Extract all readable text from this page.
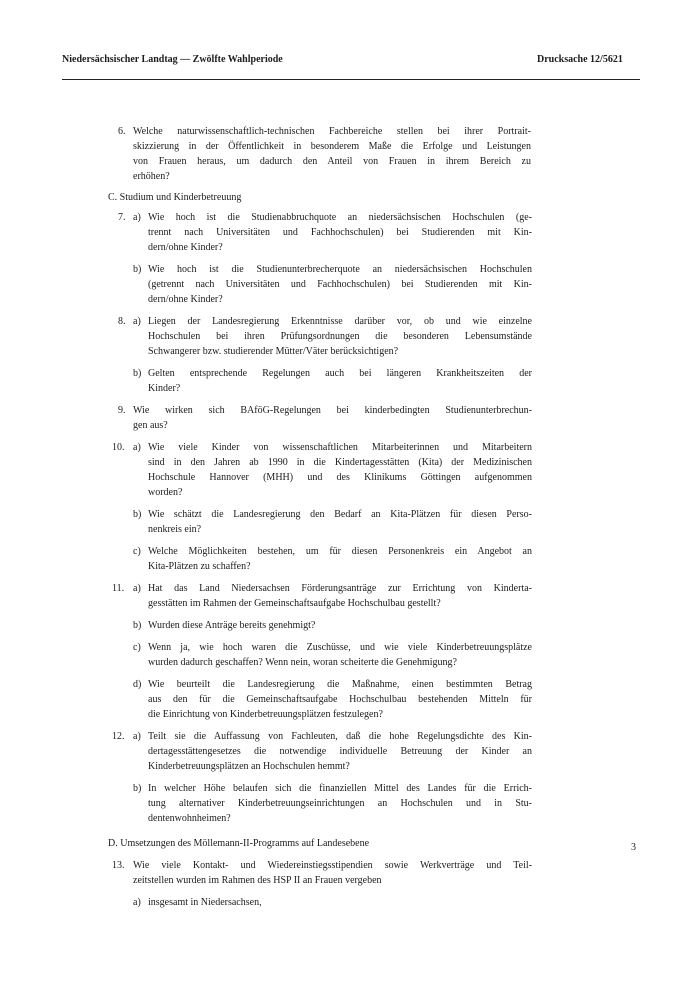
Niedersächsischer Landtag — Zwölfte Wahlperiode	Drucksache 12/5621
6. Welche naturwissenschaftlich-technischen Fachbereiche stellen bei ihrer Portrait-
skizzierung in der Öffentlichkeit in besonderem Maße die Erfolge und Leistungen
von Frauen heraus, um dadurch den Anteil von Frauen in ihrem Bereich zu
erhöhen?
C. Studium und Kinderbetreuung
7. a) Wie hoch ist die Studienabbruchquote an niedersächsischen Hochschulen (ge-
trennt nach Universitäten und Fachhochschulen) bei Studierenden mit Kin-
dern/ohne Kinder?
b) Wie hoch ist die Studienunterbrecherquote an niedersächsischen Hochschulen
(getrennt nach Universitäten und Fachhochschulen) bei Studierenden mit Kin-
dern/ohne Kinder?
8. a) Liegen der Landesregierung Erkenntnisse darüber vor, ob und wie einzelne
Hochschulen bei ihren Prüfungsordnungen die besonderen Lebensumstände
Schwangerer bzw. studierender Mütter/Väter berücksichtigen?
b) Gelten entsprechende Regelungen auch bei längeren Krankheitszeiten der
Kinder?
9. Wie wirken sich BAföG-Regelungen bei kinderbedingten Studienunterbrechun-
gen aus?
10. a) Wie viele Kinder von wissenschaftlichen Mitarbeiterinnen und Mitarbeitern
sind in den Jahren ab 1990 in die Kindertagesstätten (Kita) der Medizinischen
Hochschule Hannover (MHH) und des Klinikums Göttingen aufgenommen
worden?
b) Wie schätzt die Landesregierung den Bedarf an Kita-Plätzen für diesen Perso-
nenkreis ein?
c) Welche Möglichkeiten bestehen, um für diesen Personenkreis ein Angebot an
Kita-Plätzen zu schaffen?
11. a) Hat das Land Niedersachsen Förderungsanträge zur Errichtung von Kinderta-
gesstätten im Rahmen der Gemeinschaftsaufgabe Hochschulbau gestellt?
b) Wurden diese Anträge bereits genehmigt?
c) Wenn ja, wie hoch waren die Zuschüsse, und wie viele Kinderbetreuungsplätze
wurden dadurch geschaffen? Wenn nein, woran scheiterte die Genehmigung?
d) Wie beurteilt die Landesregierung die Maßnahme, einen bestimmten Betrag
aus den für die Gemeinschaftsaufgabe Hochschulbau bestehenden Mitteln für
die Einrichtung von Kinderbetreuungsplätzen festzulegen?
12. a) Teilt sie die Auffassung von Fachleuten, daß die hohe Regelungsdichte des Kin-
dertagesstättengesetzes die notwendige individuelle Betreuung der Kinder an
Kinderbetreuungsplätzen an Hochschulen hemmt?
b) In welcher Höhe belaufen sich die finanziellen Mittel des Landes für die Errich-
tung alternativer Kinderbetreuungseinrichtungen an Hochschulen und in Stu-
dentenwohnheimen?
D. Umsetzungen des Möllemann-II-Programms auf Landesebene
13. Wie viele Kontakt- und Wiedereinstiegsstipendien sowie Werkverträge und Teil-
zeitstellen wurden im Rahmen des HSP II an Frauen vergeben
a) insgesamt in Niedersachsen,
3
